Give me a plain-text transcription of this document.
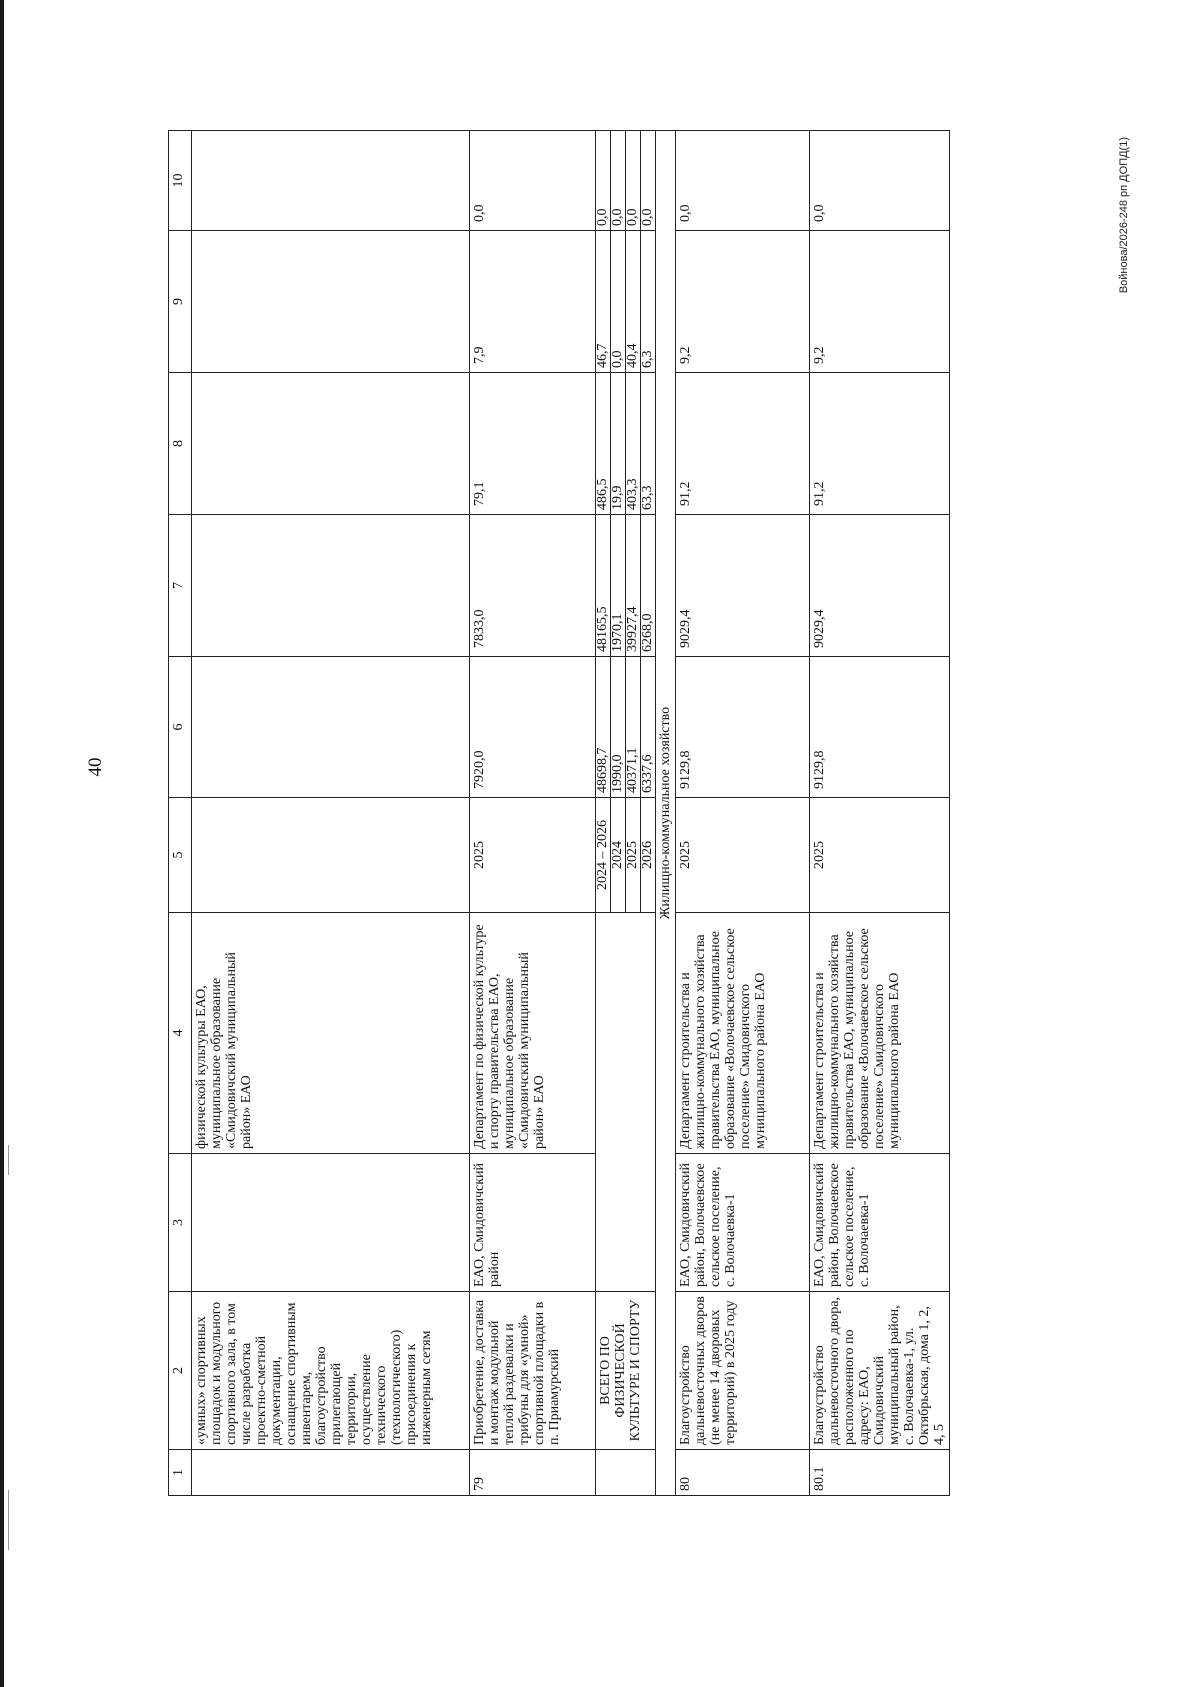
40
1	2	3	4	5	6	7	8	9	10
	«умных» спортивных площадок и модульного спортивного зала, в том числе разработка проектно-сметной документации, оснащение спортивным инвентарем, благоустройство прилегающей территории, осуществление технического (технологического) присоединения к инженерным сетям		физической культуры ЕАО, муниципальное образование «Смидовичский муниципальный район» ЕАО						
79	Приобретение, доставка и монтаж модульной теплой раздевалки и трибуны для «умной» спортивной площадки в п. Приамурский	ЕАО, Смидовичский район	Департамент по физической культуре и спорту правительства ЕАО, муниципальное образование «Смидовичский муниципальный район» ЕАО	2025	7920,0	7833,0	79,1	7,9	0,0
	ВСЕГО ПО ФИЗИЧЕСКОЙ КУЛЬТУРЕ И СПОРТУ			2024 – 2026	48698,7	48165,5	486,5	46,7	0,0
				2024	1990,0	1970,1	19,9	0,0	0,0
				2025	40371,1	39927,4	403,3	40,4	0,0
				2026	6337,6	6268,0	63,3	6,3	0,0
Жилищно-коммунальное хозяйство									
80	Благоустройство дальневосточных дворов (не менее 14 дворовых территорий) в 2025 году	ЕАО, Смидовичский район, Волочаевское сельское поселение, с. Волочаевка-1	Департамент строительства и жилищно-коммунального хозяйства правительства ЕАО, муниципальное образование «Волочаевское сельское поселение» Смидовичского муниципального района ЕАО	2025	9129,8	9029,4	91,2	9,2	0,0
80.1	Благоустройство дальневосточного двора, расположенного по адресу: ЕАО, Смидовичский муниципальный район, с. Волочаевка-1, ул. Октябрьская, дома 1, 2, 4, 5	ЕАО, Смидовичский район, Волочаевское сельское поселение, с. Волочаевка-1	Департамент строительства и жилищно-коммунального хозяйства правительства ЕАО, муниципальное образование «Волочаевское сельское поселение» Смидовичского муниципального района ЕАО	2025	9129,8	9029,4	91,2	9,2	0,0	Войнова/2026-248 рп ДОПД(1)
